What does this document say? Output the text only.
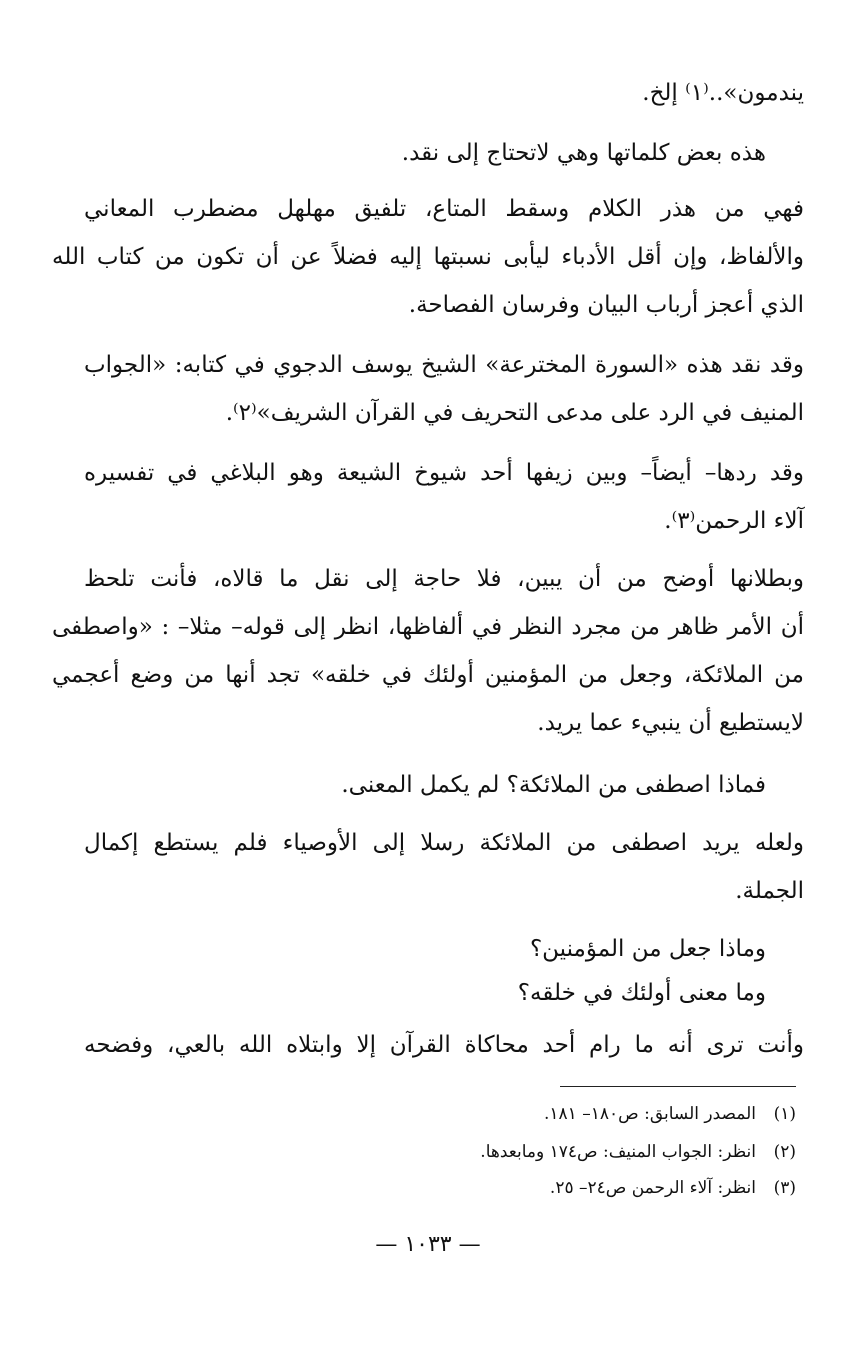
يندمون»..⁽١⁾ إلخ.
هذه بعض كلماتها وهي لاتحتاج إلى نقد.
فهي من هذر الكلام وسقط المتاع، تلفيق مهلهل مضطرب المعاني
والألفاظ، وإن أقل الأدباء ليأبى نسبتها إليه فضلاً عن أن تكون من كتاب الله
الذي أعجز أرباب البيان وفرسان الفصاحة.
وقد نقد هذه «السورة المخترعة» الشيخ يوسف الدجوي في كتابه: «الجواب
المنيف في الرد على مدعى التحريف في القرآن الشريف»⁽٢⁾.
وقد ردها– أيضاً– وبين زيفها أحد شيوخ الشيعة وهو البلاغي في تفسيره
آلاء الرحمن⁽٣⁾.
وبطلانها أوضح من أن يبين، فلا حاجة إلى نقل ما قالاه، فأنت تلحظ
أن الأمر ظاهر من مجرد النظر في ألفاظها، انظر إلى قوله– مثلا– : «واصطفى
من الملائكة، وجعل من المؤمنين أولئك في خلقه» تجد أنها من وضع أعجمي
لايستطيع أن ينبيء عما يريد.
فماذا اصطفى من الملائكة؟ لم يكمل المعنى.
ولعله يريد اصطفى من الملائكة رسلا إلى الأوصياء فلم يستطع إكمال
الجملة.
وماذا جعل من المؤمنين؟
وما معنى أولئك في خلقه؟
وأنت ترى أنه ما رام أحد محاكاة القرآن إلا وابتلاه الله بالعي، وفضحه
(١)المصدر السابق: ص١٨٠– ١٨١.
(٢)انظر: الجواب المنيف: ص١٧٤ ومابعدها.
(٣)انظر: آلاء الرحمن ص٢٤– ٢٥.
— ١٠٣٣ —
